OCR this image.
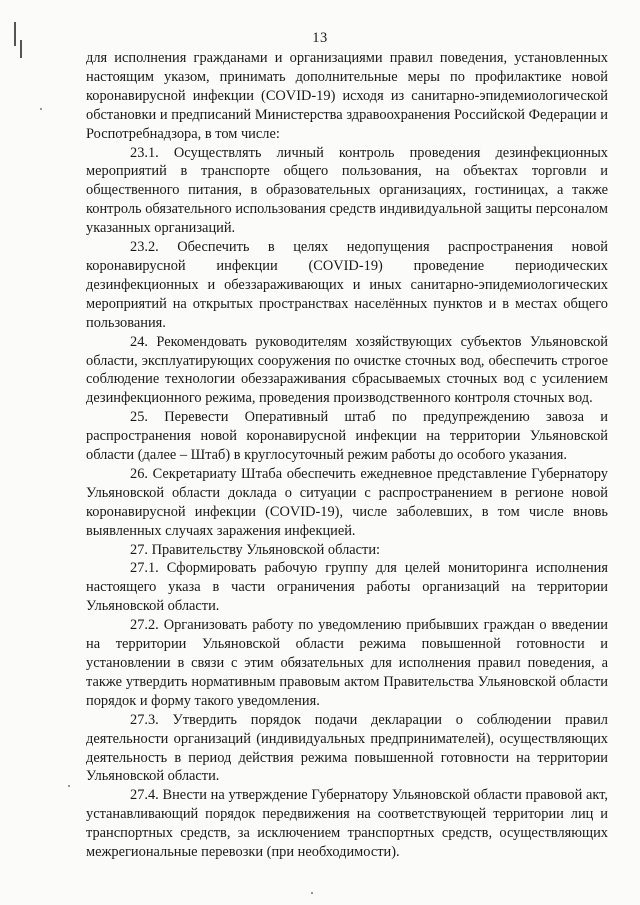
13

для исполнения гражданами и организациями правил поведения, установленных настоящим указом, принимать дополнительные меры по профилактике новой коронавирусной инфекции (COVID-19) исходя из санитарно-эпидемиологической обстановки и предписаний Министерства здравоохранения Российской Федерации и Роспотребнадзора, в том числе:

23.1. Осуществлять личный контроль проведения дезинфекционных мероприятий в транспорте общего пользования, на объектах торговли и общественного питания, в образовательных организациях, гостиницах, а также контроль обязательного использования средств индивидуальной защиты персоналом указанных организаций.

23.2. Обеспечить в целях недопущения распространения новой коронавирусной инфекции (COVID-19) проведение периодических дезинфекционных и обеззараживающих и иных санитарно-эпидемиологических мероприятий на открытых пространствах населённых пунктов и в местах общего пользования.

24. Рекомендовать руководителям хозяйствующих субъектов Ульяновской области, эксплуатирующих сооружения по очистке сточных вод, обеспечить строгое соблюдение технологии обеззараживания сбрасываемых сточных вод с усилением дезинфекционного режима, проведения производственного контроля сточных вод.

25. Перевести Оперативный штаб по предупреждению завоза и распространения новой коронавирусной инфекции на территории Ульяновской области (далее – Штаб) в круглосуточный режим работы до особого указания.

26. Секретариату Штаба обеспечить ежедневное представление Губернатору Ульяновской области доклада о ситуации с распространением в регионе новой коронавирусной инфекции (COVID-19), числе заболевших, в том числе вновь выявленных случаях заражения инфекцией.

27. Правительству Ульяновской области:

27.1. Сформировать рабочую группу для целей мониторинга исполнения настоящего указа в части ограничения работы организаций на территории Ульяновской области.

27.2. Организовать работу по уведомлению прибывших граждан о введении на территории Ульяновской области режима повышенной готовности и установлении в связи с этим обязательных для исполнения правил поведения, а также утвердить нормативным правовым актом Правительства Ульяновской области порядок и форму такого уведомления.

27.3. Утвердить порядок подачи декларации о соблюдении правил деятельности организаций (индивидуальных предпринимателей), осуществляющих деятельность в период действия режима повышенной готовности на территории Ульяновской области.

27.4. Внести на утверждение Губернатору Ульяновской области правовой акт, устанавливающий порядок передвижения на соответствующей территории лиц и транспортных средств, за исключением транспортных средств, осуществляющих межрегиональные перевозки (при необходимости).
